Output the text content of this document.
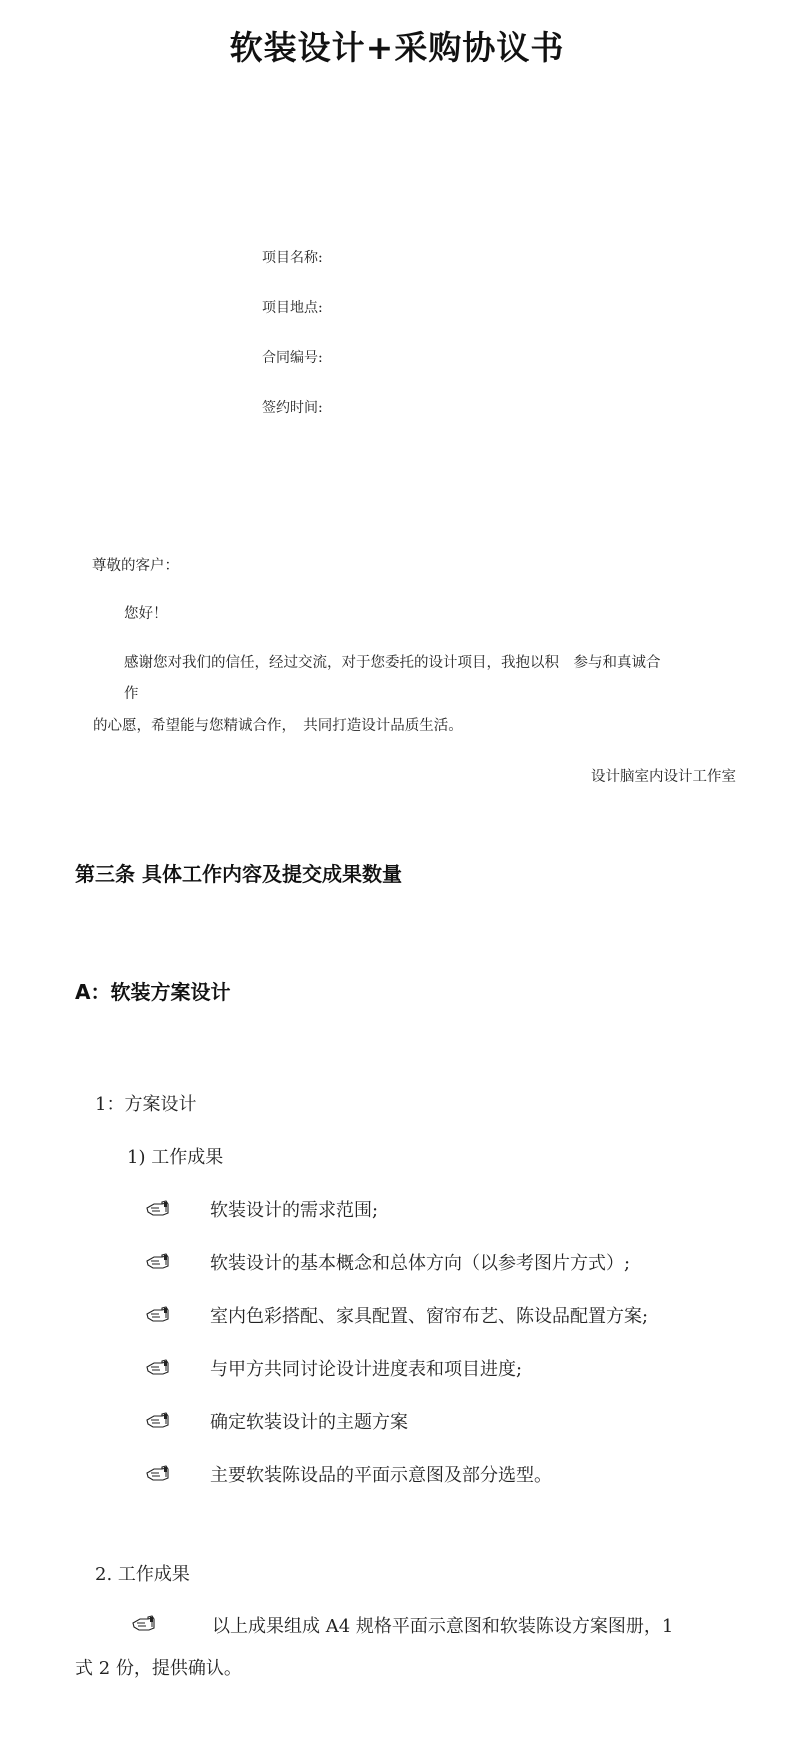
软装设计+采购协议书
项目名称:
项目地点:
合同编号:
签约时间:
尊敬的客户：
您好！
感谢您对我们的信任，经过交流，对于您委托的设计项目，我抱以积　参与和真诚合
作
的心愿，希望能与您精诚合作，　共同打造设计品质生活。
设计脑室内设计工作室
第三条 具体工作内容及提交成果数量
A：软装方案设计
1：方案设计
1) 工作成果
软装设计的需求范围;
软装设计的基本概念和总体方向（以参考图片方式）;
室内色彩搭配、家具配置、窗帘布艺、陈设品配置方案;
与甲方共同讨论设计进度表和项目进度;
确定软装设计的主题方案
主要软装陈设品的平面示意图及部分选型。
2. 工作成果
以上成果组成 A4 规格平面示意图和软装陈设方案图册，1
式 2 份，提供确认。
